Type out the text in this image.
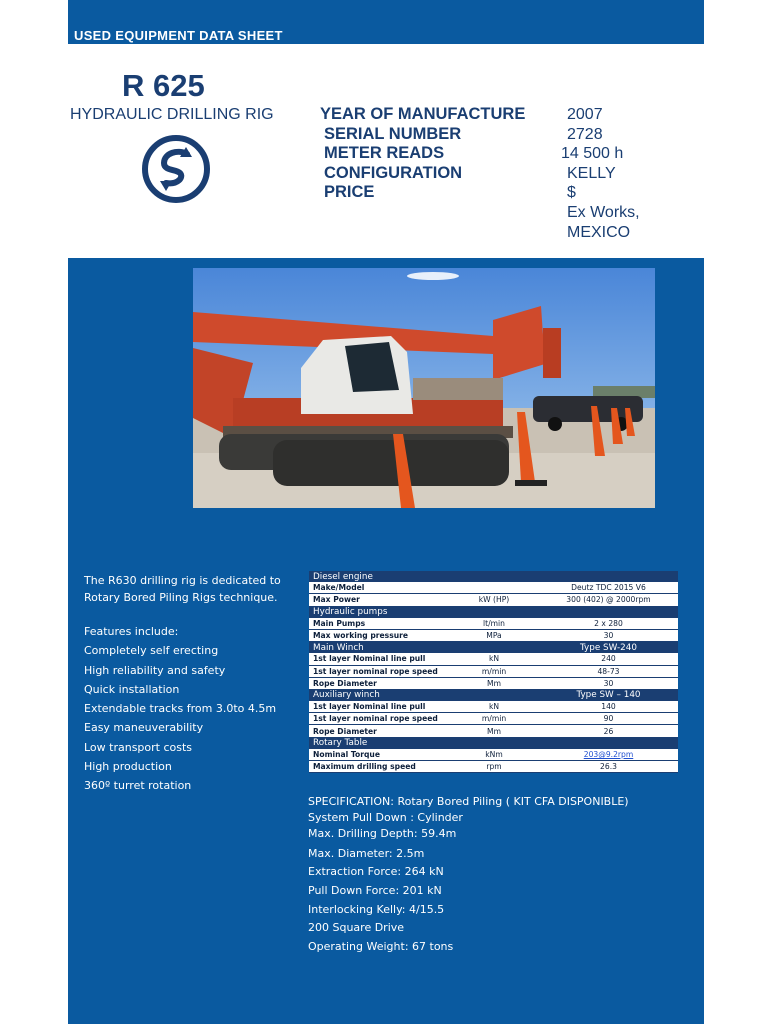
USED EQUIPMENT DATA SHEET
R 625
HYDRAULIC DRILLING RIG	YEAR OF MANUFACTURE	2007
SERIAL NUMBER	2728
METER READS	14 500 h
CONFIGURATION	KELLY
PRICE	$
Ex Works,
MEXICO
The R630 drilling rig is dedicated to
Rotary Bored Piling Rigs technique.
Features include:
Completely self erecting
High reliability and safety
Quick installation
Extendable tracks from 3.0to 4.5m
Easy maneuverability
Low transport costs
High production
360º turret rotation
Diesel engine		
Make/Model		Deutz TDC 2015 V6
Max Power	kW (HP)	300 (402) @ 2000rpm
Hydraulic pumps		
Main Pumps	lt/min	2 x 280
Max working pressure	MPa	30
Main Winch		Type SW-240
1st layer Nominal line pull	kN	240
1st layer nominal rope speed	m/min	48-73
Rope Diameter	Mm	30
Auxiliary winch		Type SW – 140
1st layer Nominal line pull	kN	140
1st layer nominal rope speed	m/min	90
Rope Diameter	Mm	26
Rotary Table		
Nominal Torque	kNm	203@9.2rpm
Maximum drilling speed	rpm	26.3
SPECIFICATION: Rotary Bored Piling ( KIT CFA DISPONIBLE)
System Pull Down : Cylinder
Max. Drilling Depth: 59.4m
Max. Diameter: 2.5m
Extraction Force: 264 kN
Pull Down Force: 201 kN
Interlocking Kelly: 4/15.5
200 Square Drive
Operating Weight: 67 tons
